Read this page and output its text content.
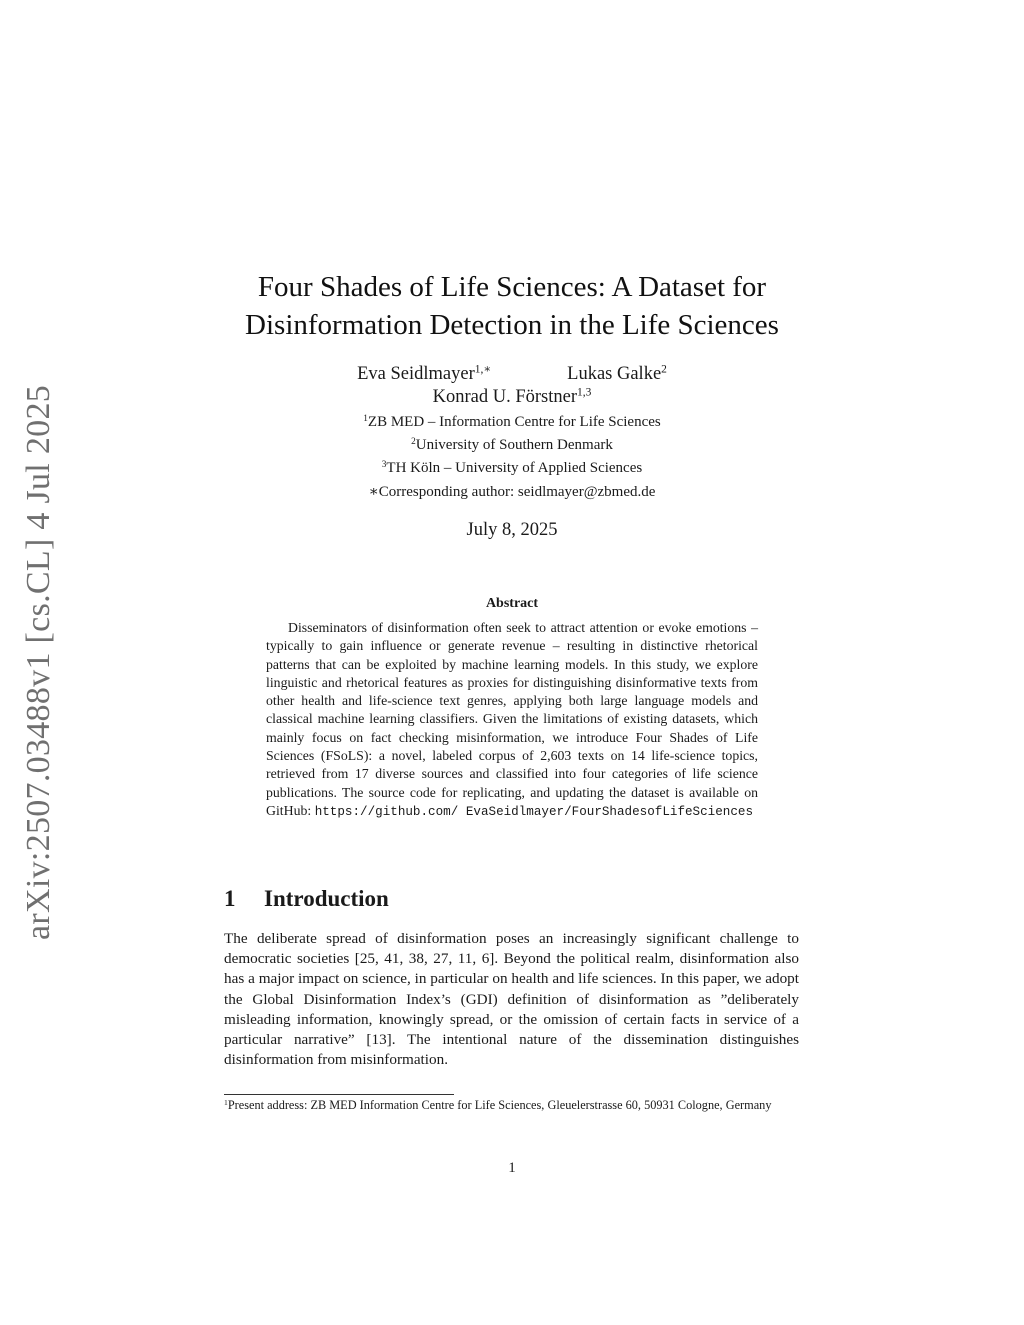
arXiv:2507.03488v1 [cs.CL] 4 Jul 2025
Four Shades of Life Sciences: A Dataset for
Disinformation Detection in the Life Sciences
Eva Seidlmayer$^{1,∗}$	Lukas Galke$^2$
Konrad U. Förstner$^{1,3}$
$^1$ZB MED – Information Centre for Life Sciences
$^2$University of Southern Denmark
$^3$TH Köln – University of Applied Sciences
∗Corresponding author: seidlmayer@zbmed.de
July 8, 2025
Abstract
Disseminators of disinformation often seek to attract attention or evoke emotions – typically to gain influence or generate revenue – resulting in distinctive rhetorical patterns that can be exploited by machine learning models. In this study, we explore linguistic and rhetorical features as proxies for distinguishing disinformative texts from other health and life-science text genres, applying both large language models and classical machine learning classifiers. Given the limitations of existing datasets, which mainly focus on fact checking misinformation, we introduce Four Shades of Life Sciences (FSoLS): a novel, labeled corpus of 2,603 texts on 14 life-science topics, retrieved from 17 diverse sources and classified into four categories of life science publications. The source code for replicating, and updating the dataset is available on GitHub: https://github.com/ EvaSeidlmayer/FourShadesofLifeSciences
1 Introduction
The deliberate spread of disinformation poses an increasingly significant challenge to democratic societies [25, 41, 38, 27, 11, 6]. Beyond the political realm, disinformation also has a major impact on science, in particular on health and life sciences. In this paper, we adopt the Global Disinformation Index’s (GDI) definition of disinformation as ”deliberately misleading information, knowingly spread, or the omission of certain facts in service of a particular narrative” [13]. The intentional nature of the dissemination distinguishes disinformation from misinformation.
$^1$Present address: ZB MED Information Centre for Life Sciences, Gleuelerstrasse 60, 50931 Cologne, Germany
1
